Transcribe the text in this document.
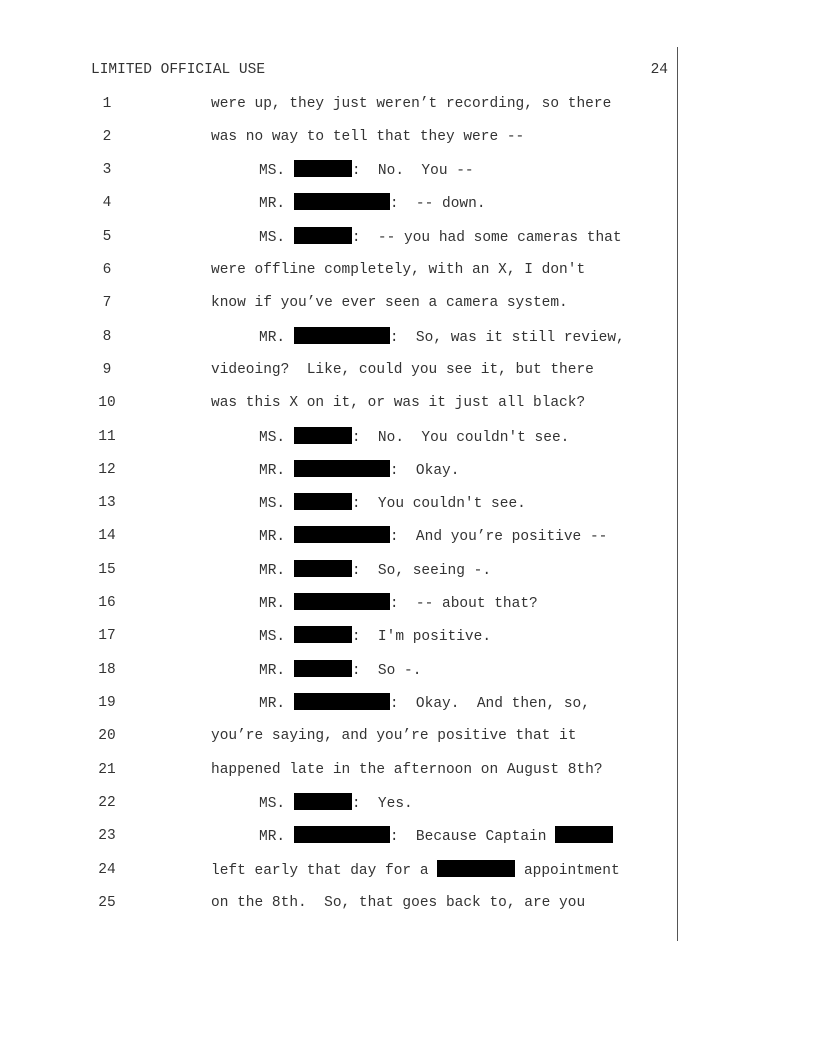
LIMITED OFFICIAL USE	24
1	were up, they just weren’t recording, so there
2	was no way to tell that they were --
3	MS.	: No.  You --
4	MR.	: -- down.
5	MS.	: -- you had some cameras that
6	were offline completely, with an X, I don't
7	know if you’ve ever seen a camera system.
8	MR.	: So, was it still review,
9	videoing?  Like, could you see it, but there
10	was this X on it, or was it just all black?
11	MS.	: No.  You couldn't see.
12	MR.	: Okay.
13	MS.	: You couldn't see.
14	MR.	: And you’re positive --
15	MR.	: So, seeing -.
16	MR.	: -- about that?
17	MS.	: I'm positive.
18	MR.	: So -.
19	MR.	: Okay.  And then, so,
20	you’re saying, and you’re positive that it
21	happened late in the afternoon on August 8th?
22	MS.	: Yes.
23	MR.	: Because Captain
24	left early that day for a	appointment
25	on the 8th.  So, that goes back to, are you
